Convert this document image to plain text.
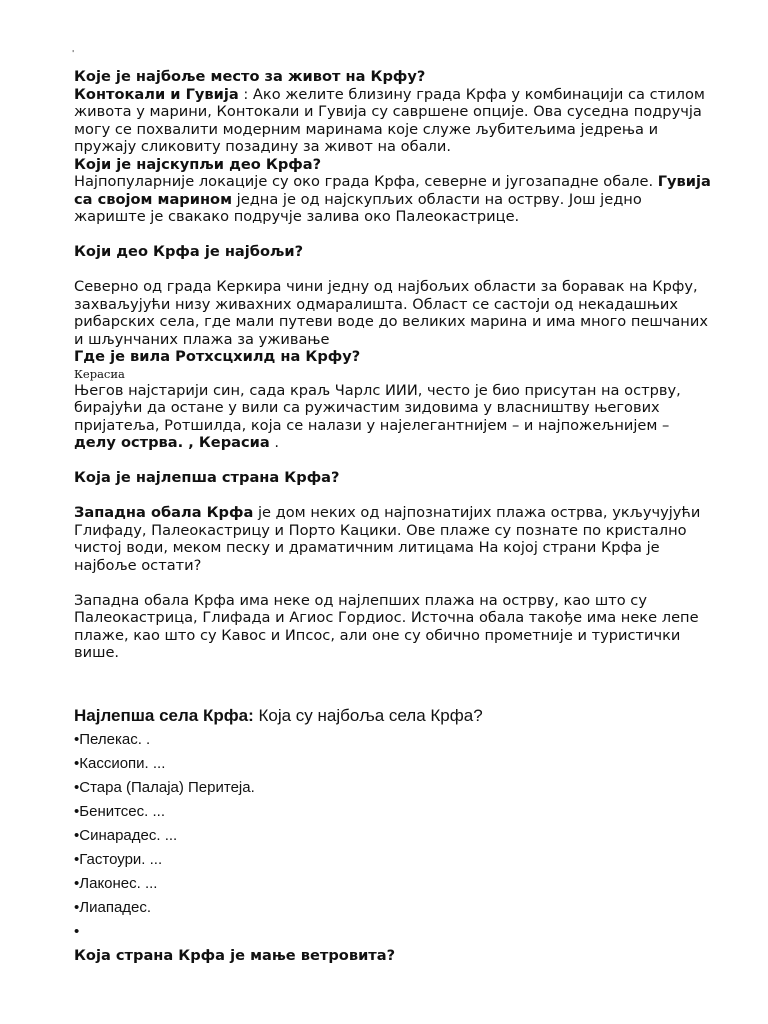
'

Које је најбоље место за живот на Крфу?

Контокали и Гувија : Ако желите близину града Крфа у комбинацији са стилом живота у марини, Контокали и Гувија су савршене опције. Ова суседна подручја могу се похвалити модерним маринама које служе љубитељима једрења и пружају сликовиту позадину за живот на обали.

Који је најскупљи део Крфа?

Најпопуларније локације су око града Крфа, северне и југозападне обале. Гувија са својом марином једна је од најскупљих области на острву. Још једно жариште је свакако подручје залива око Палеокастрице.

Који део Крфа је најбољи?

Северно од града Керкира чини једну од најбољих области за боравак на Крфу, захваљујући низу живахних одмаралишта. Област се састоји од некадашњих рибарских села, где мали путеви воде до великих марина и има много пешчаних и шљунчаних плажа за уживање

Где је вила Ротхсцхилд на Крфу?

Керасиа

Његов најстарији син, сада краљ Чарлс ИИИ, често је био присутан на острву, бирајући да остане у вили са ружичастим зидовима у власништву његових пријатеља, Ротшилда, која се налази у најелегантнијем – и најпожељнијем – делу острва. , Керасиа .

Која је најлепша страна Крфа?

Западна обала Крфа је дом неких од најпознатијих плажа острва, укључујући Глифаду, Палеокастрицу и Порто Кацики. Ове плаже су познате по кристално чистој води, меком песку и драматичним литицама На којој страни Крфа је најбоље остати?

Западна обала Крфа има неке од најлепших плажа на острву, као што су Палеокастрица, Глифада и Агиос Гордиос. Источна обала такође има неке лепе плаже, као што су Кавос и Ипсос, али оне су обично прометније и туристички више.

Најлепша села Крфа: Која су најбоља села Крфа?

•Пелекас. .

•Кассиопи. ...

•Стара (Палаја) Перитеја.

•Бенитсес. ...

•Синарадес. ...

•Гастоури. ...

•Лаконес. ...

•Лиападес.

•

Која страна Крфа је мање ветровита?
